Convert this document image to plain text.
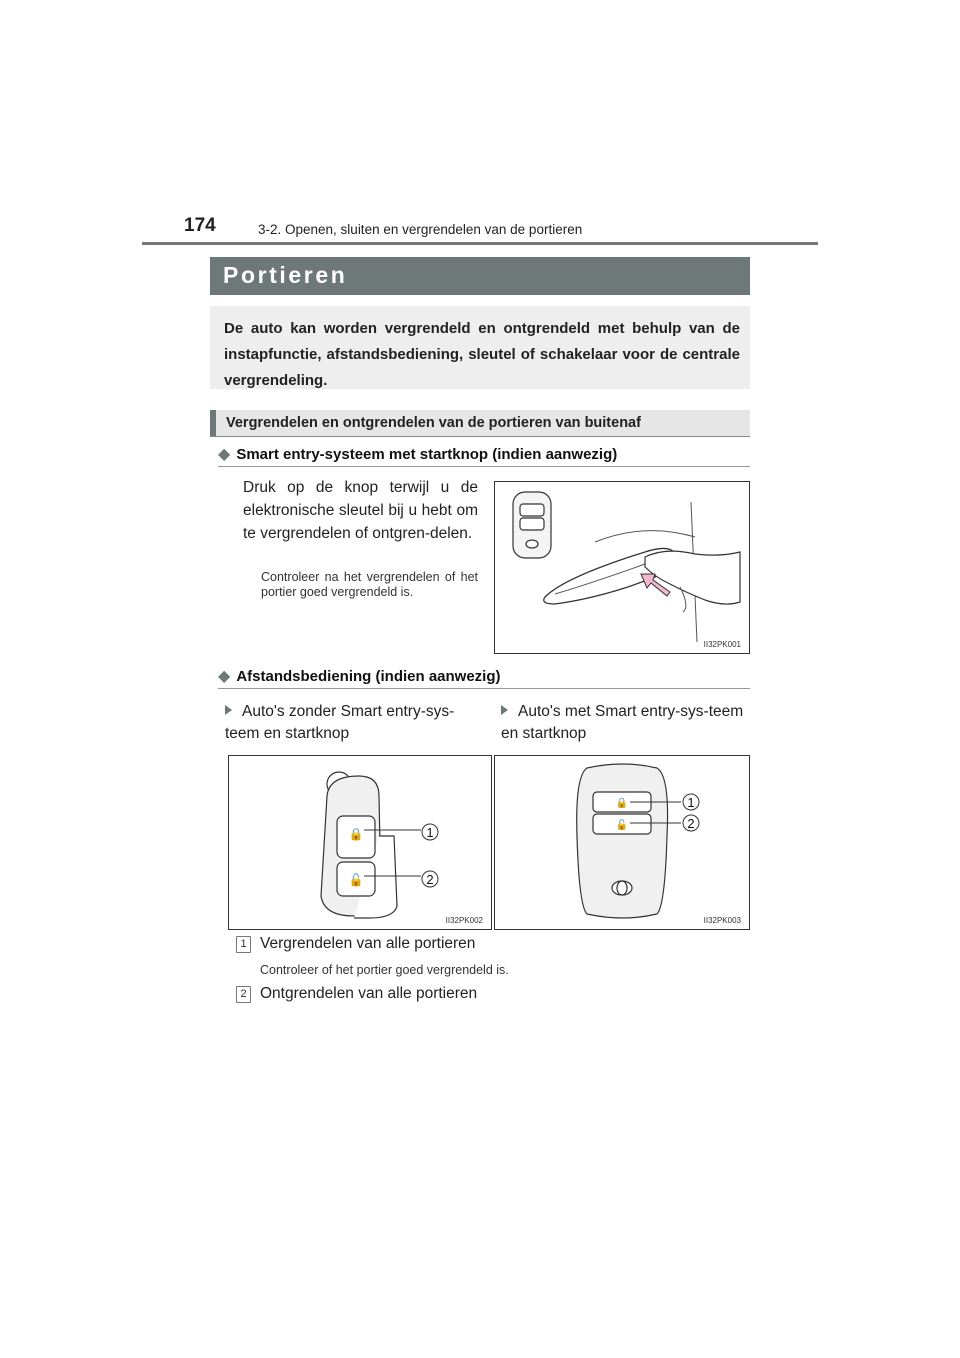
174	3-2. Openen, sluiten en vergrendelen van de portieren
Portieren
De auto kan worden vergrendeld en ontgrendeld met behulp van de instapfunctie, afstandsbediening, sleutel of schakelaar voor de centrale vergrendeling.
Vergrendelen en ontgrendelen van de portieren van buitenaf
◆ Smart entry-systeem met startknop (indien aanwezig)
Druk op de knop terwijl u de elektronische sleutel bij u hebt om te vergrendelen of ontgren-delen.
Controleer na het vergrendelen of het portier goed vergrendeld is.
II32PK001
◆ Afstandsbediening (indien aanwezig)
Auto's zonder Smart entry-sys-teem en startknop
Auto's met Smart entry-sys-teem en startknop
🔒
🔓
1
2
II32PK002
🔒
🔓
1
2
II32PK003
1 Vergrendelen van alle portieren
Controleer of het portier goed vergrendeld is.
2 Ontgrendelen van alle portieren
